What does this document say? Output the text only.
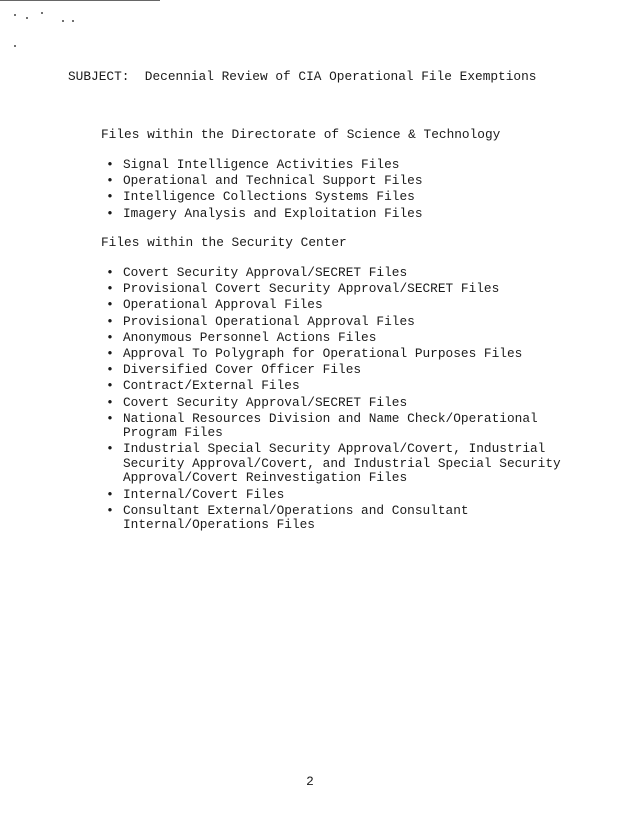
SUBJECT: Decennial Review of CIA Operational File Exemptions
Files within the Directorate of Science & Technology
• Signal Intelligence Activities Files
• Operational and Technical Support Files
• Intelligence Collections Systems Files
• Imagery Analysis and Exploitation Files
Files within the Security Center
• Covert Security Approval/SECRET Files
• Provisional Covert Security Approval/SECRET Files
• Operational Approval Files
• Provisional Operational Approval Files
• Anonymous Personnel Actions Files
• Approval To Polygraph for Operational Purposes Files
• Diversified Cover Officer Files
• Contract/External Files
• Covert Security Approval/SECRET Files
• National Resources Division and Name Check/Operational
Program Files
• Industrial Special Security Approval/Covert, Industrial
Security Approval/Covert, and Industrial Special Security
Approval/Covert Reinvestigation Files
• Internal/Covert Files
• Consultant External/Operations and Consultant
Internal/Operations Files
2
